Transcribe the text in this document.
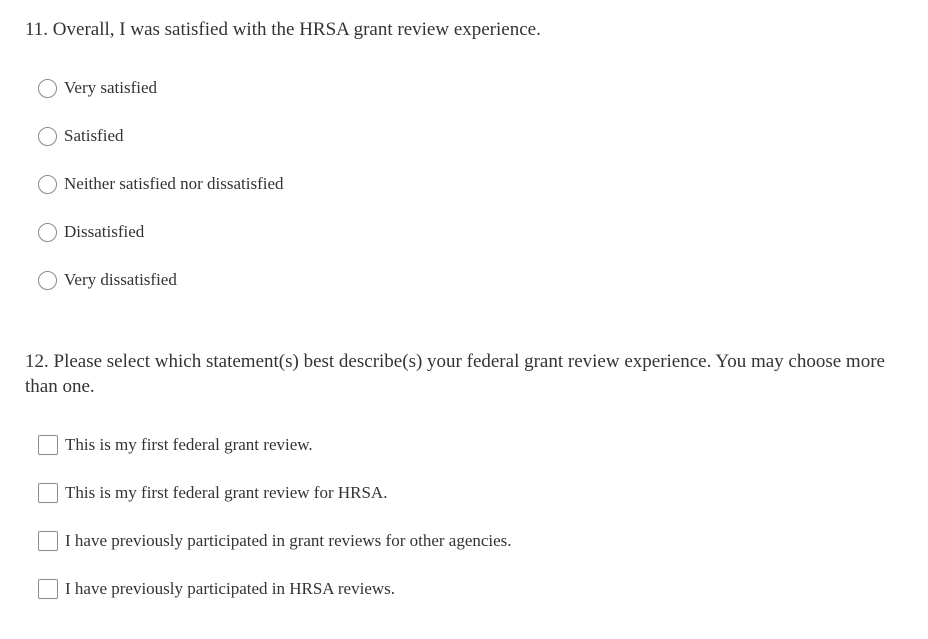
11. Overall, I was satisfied with the HRSA grant review experience.
Very satisfied
Satisfied
Neither satisfied nor dissatisfied
Dissatisfied
Very dissatisfied
12. Please select which statement(s) best describe(s) your federal grant review experience. You may choose more than one.
This is my first federal grant review.
This is my first federal grant review for HRSA.
I have previously participated in grant reviews for other agencies.
I have previously participated in HRSA reviews.
